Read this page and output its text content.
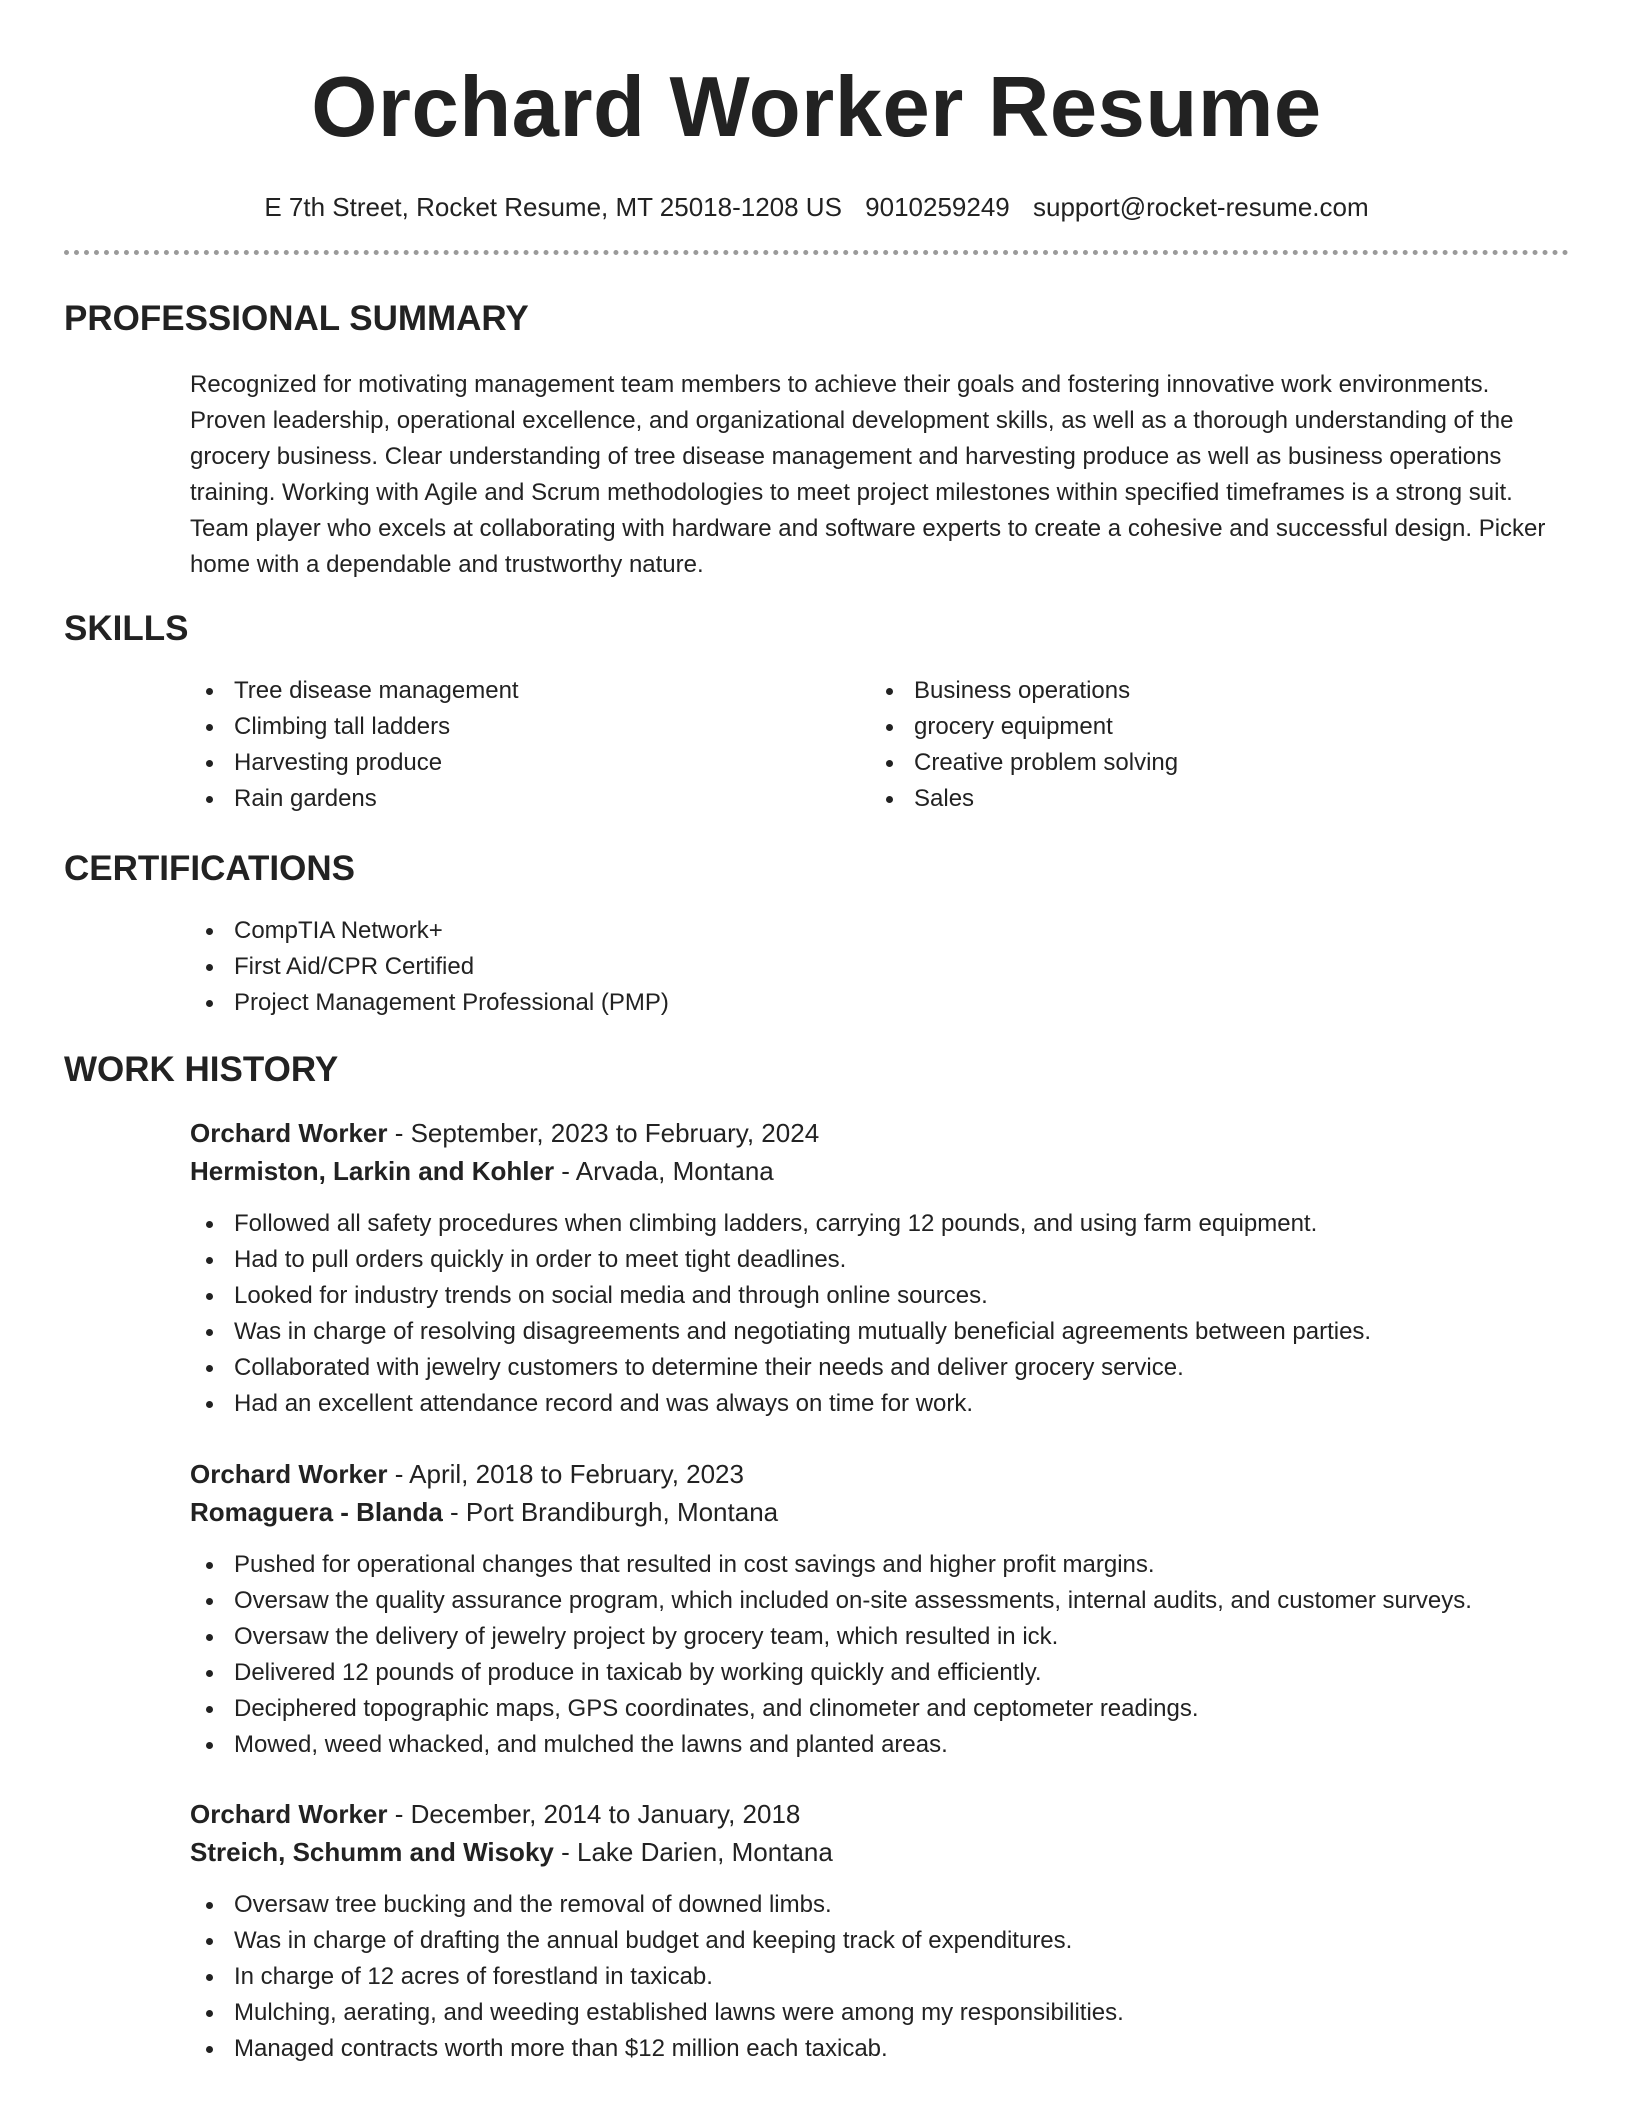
Orchard Worker Resume
E 7th Street, Rocket Resume, MT 25018-1208 US 9010259249 support@rocket-resume.com
PROFESSIONAL SUMMARY

Recognized for motivating management team members to achieve their goals and fostering innovative work environments. Proven leadership, operational excellence, and organizational development skills, as well as a thorough understanding of the grocery business. Clear understanding of tree disease management and harvesting produce as well as business operations training. Working with Agile and Scrum methodologies to meet project milestones within specified timeframes is a strong suit. Team player who excels at collaborating with hardware and software experts to create a cohesive and successful design. Picker home with a dependable and trustworthy nature.

SKILLS
Tree disease management
Climbing tall ladders
Harvesting produce
Rain gardens
Business operations
grocery equipment
Creative problem solving
Sales
CERTIFICATIONS
CompTIA Network+
First Aid/CPR Certified
Project Management Professional (PMP)
WORK HISTORY
Orchard Worker - September, 2023 to February, 2024
Hermiston, Larkin and Kohler - Arvada, Montana
Followed all safety procedures when climbing ladders, carrying 12 pounds, and using farm equipment.
Had to pull orders quickly in order to meet tight deadlines.
Looked for industry trends on social media and through online sources.
Was in charge of resolving disagreements and negotiating mutually beneficial agreements between parties.
Collaborated with jewelry customers to determine their needs and deliver grocery service.
Had an excellent attendance record and was always on time for work.
Orchard Worker - April, 2018 to February, 2023
Romaguera - Blanda - Port Brandiburgh, Montana
Pushed for operational changes that resulted in cost savings and higher profit margins.
Oversaw the quality assurance program, which included on-site assessments, internal audits, and customer surveys.
Oversaw the delivery of jewelry project by grocery team, which resulted in ick.
Delivered 12 pounds of produce in taxicab by working quickly and efficiently.
Deciphered topographic maps, GPS coordinates, and clinometer and ceptometer readings.
Mowed, weed whacked, and mulched the lawns and planted areas.
Orchard Worker - December, 2014 to January, 2018
Streich, Schumm and Wisoky - Lake Darien, Montana
Oversaw tree bucking and the removal of downed limbs.
Was in charge of drafting the annual budget and keeping track of expenditures.
In charge of 12 acres of forestland in taxicab.
Mulching, aerating, and weeding established lawns were among my responsibilities.
Managed contracts worth more than $12 million each taxicab.
